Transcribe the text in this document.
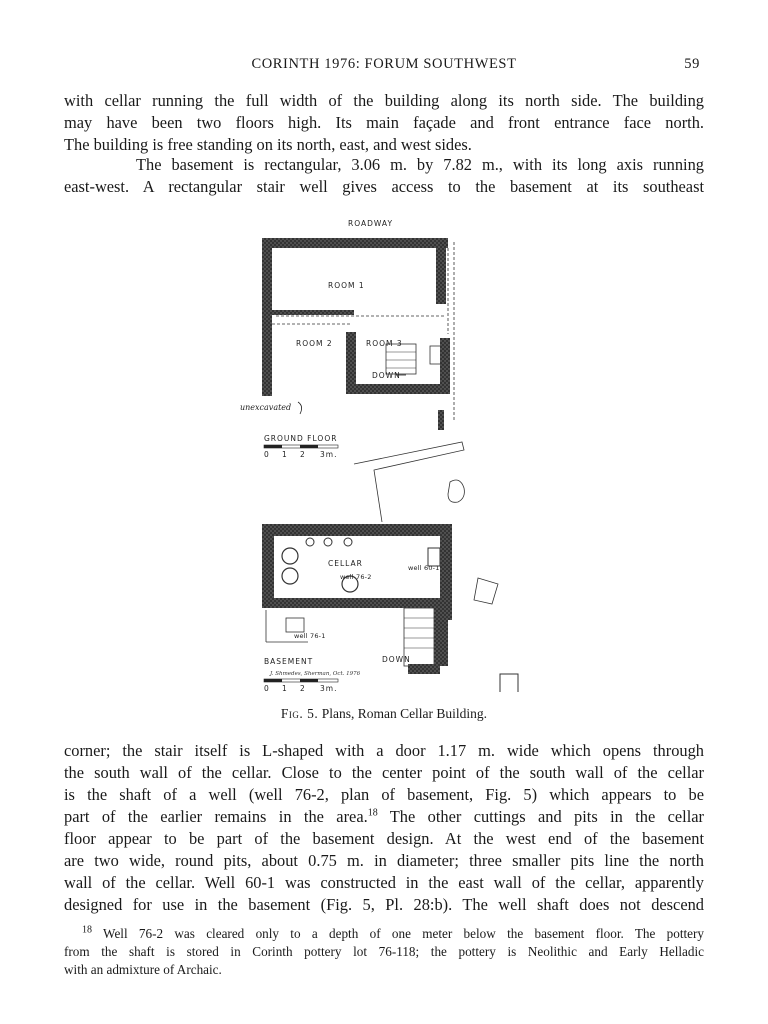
CORINTH 1976: FORUM SOUTHWEST	59
with cellar running the full width of the building along its north side. The building
may have been two floors high. Its main façade and front entrance face north.
The building is free standing on its north, east, and west sides.
The basement is rectangular, 3.06 m. by 7.82 m., with its long axis running
east-west. A rectangular stair well gives access to the basement at its southeast
ROADWAY
ROOM 1
ROOM 2	ROOM 3
DOWN
unexcavated
GROUND FLOOR
0 1 2 3m.
CELLAR
well 76-2
well 60-1
well 76-1
DOWN
BASEMENT
J. Shmedes, Sherman, Oct. 1976
0 1 2 3m.
Fig. 5. Plans, Roman Cellar Building.
corner; the stair itself is L-shaped with a door 1.17 m. wide which opens through
the south wall of the cellar. Close to the center point of the south wall of the cellar
is the shaft of a well (well 76-2, plan of basement, Fig. 5) which appears to be
part of the earlier remains in the area.$^{18}$ The other cuttings and pits in the cellar
floor appear to be part of the basement design. At the west end of the basement
are two wide, round pits, about 0.75 m. in diameter; three smaller pits line the north
wall of the cellar. Well 60-1 was constructed in the east wall of the cellar, apparently
designed for use in the basement (Fig. 5, Pl. 28:b). The well shaft does not descend
$^{18}$ Well 76-2 was cleared only to a depth of one meter below the basement floor. The pottery
from the shaft is stored in Corinth pottery lot 76-118; the pottery is Neolithic and Early Helladic
with an admixture of Archaic.
